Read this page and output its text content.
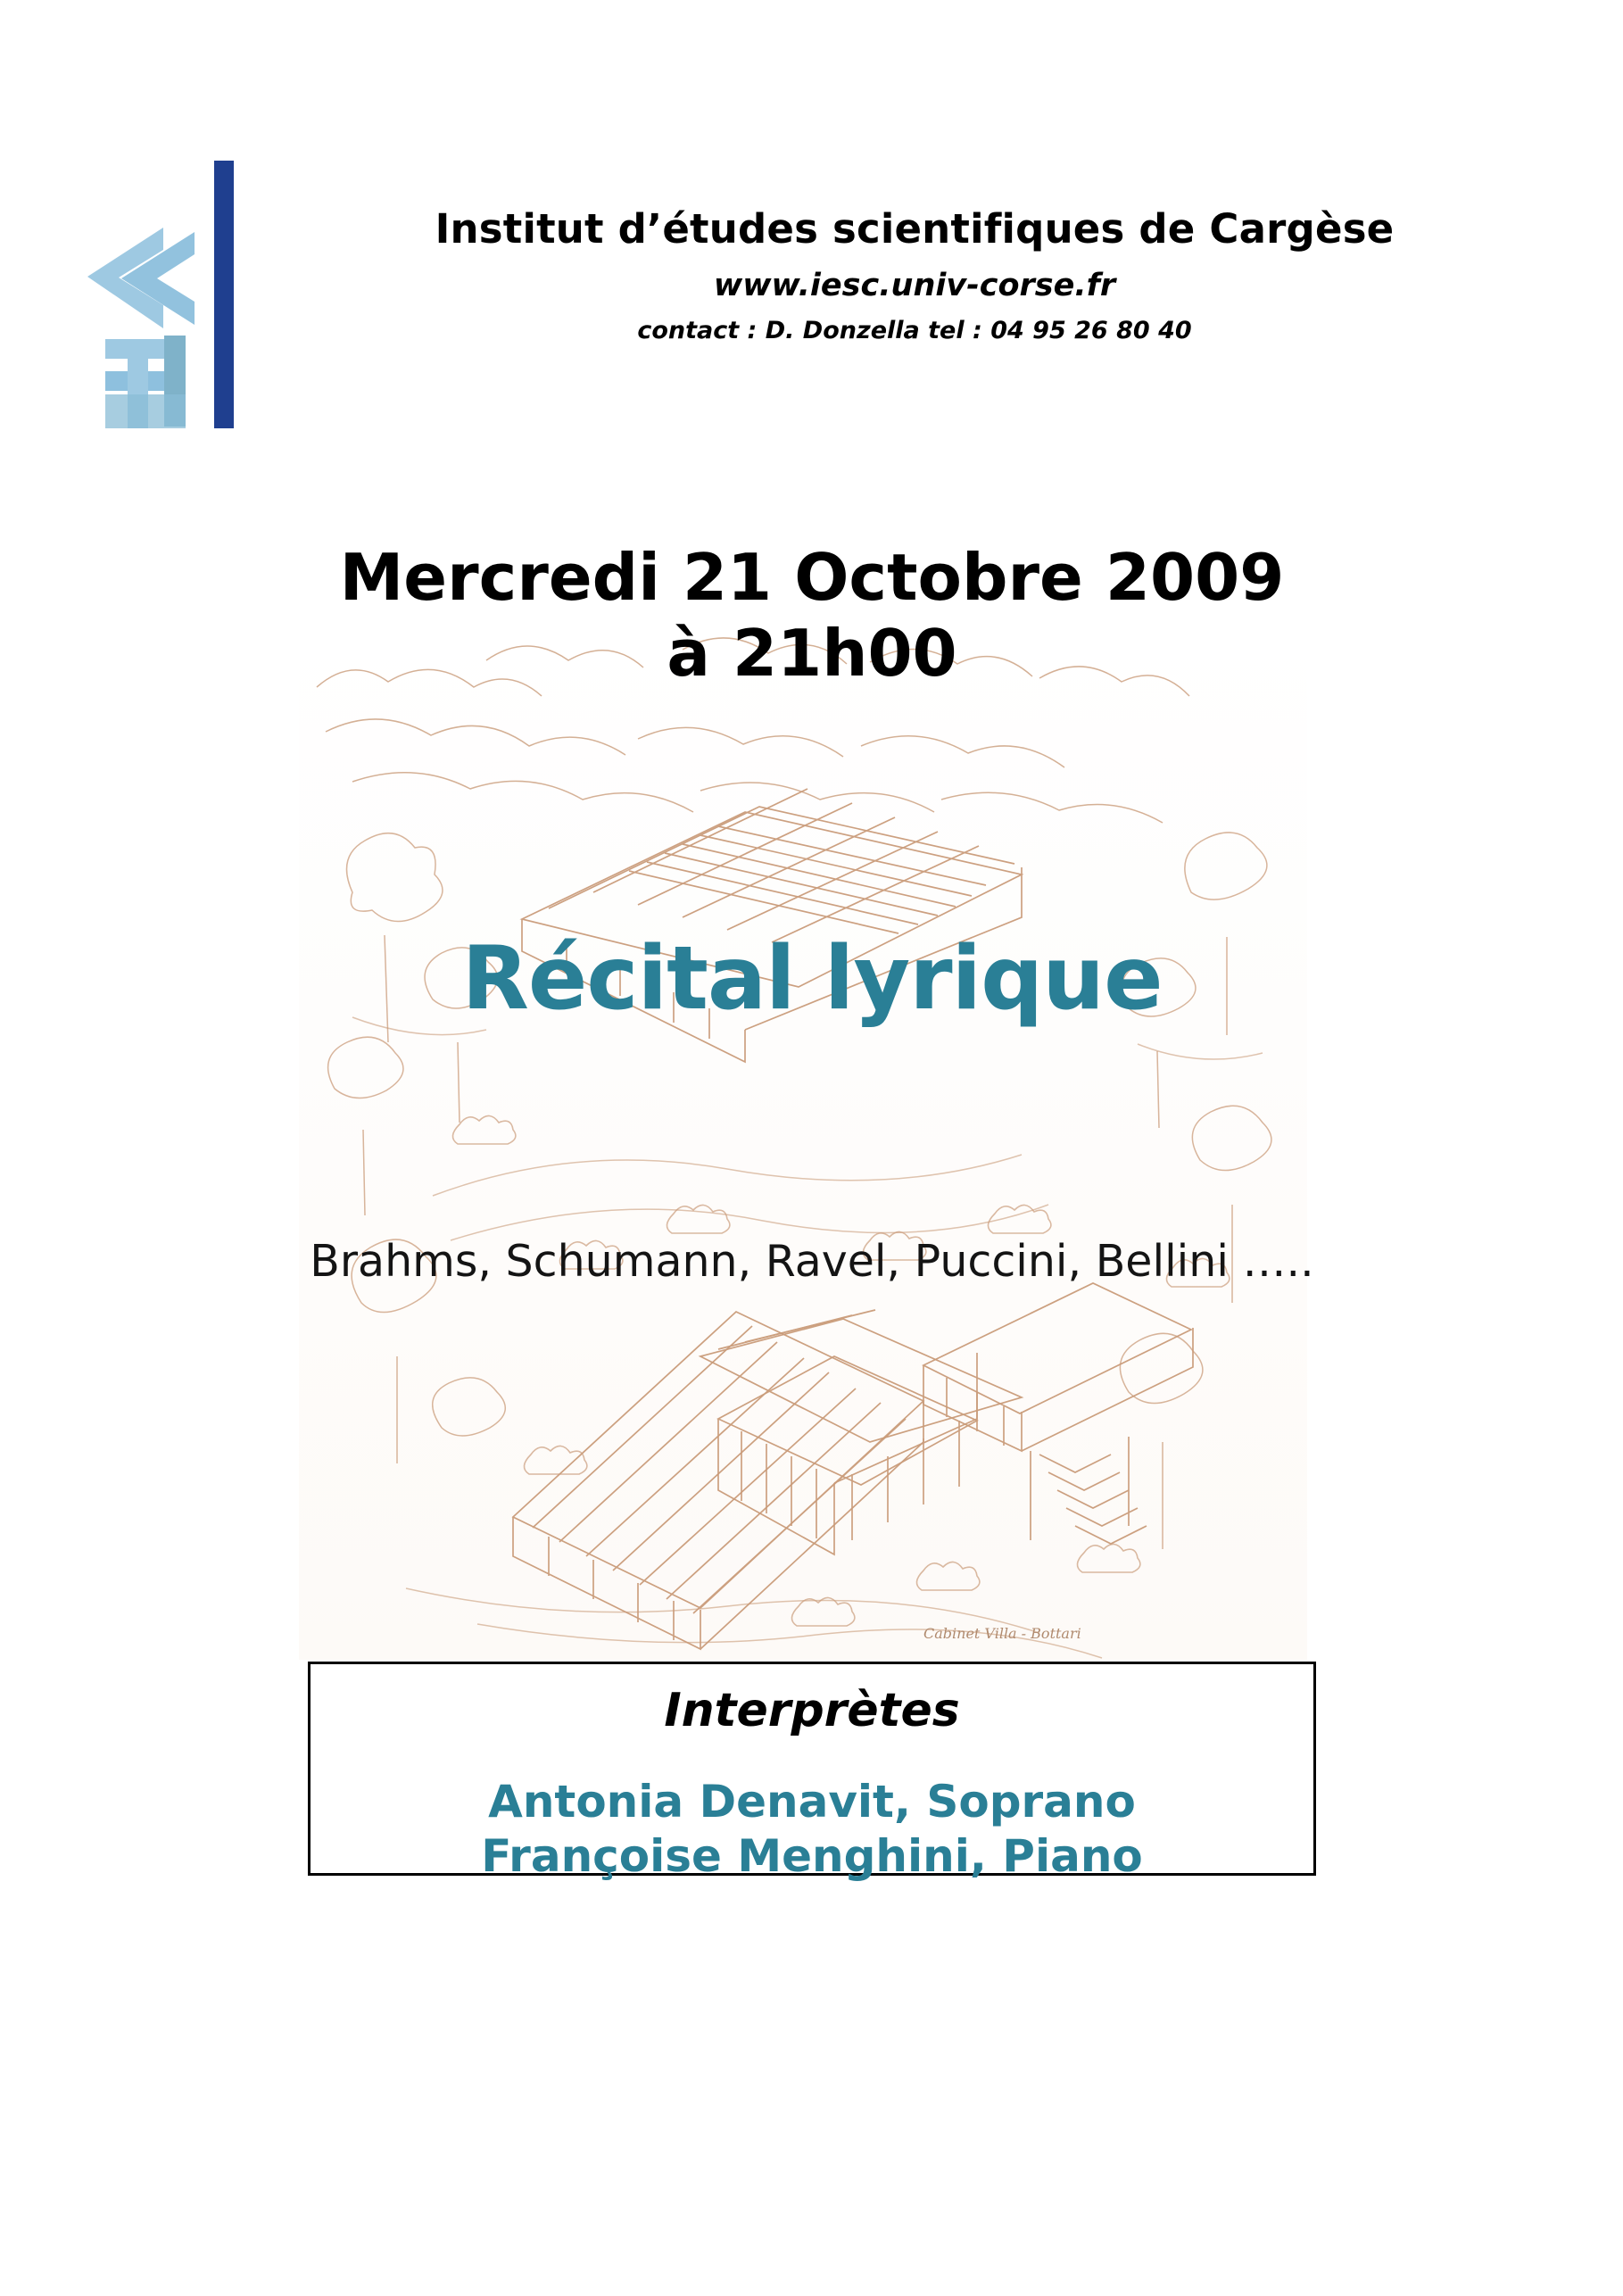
Institut d’études scientifiques de Cargèse
www.iesc.univ-corse.fr
contact : D. Donzella tel : 04 95 26 80 40
Mercredi 21 Octobre 2009
à 21h00
Cabinet Villa - Bottari
Récital lyrique
Brahms, Schumann, Ravel, Puccini, Bellini …..
Interprètes
Antonia Denavit, Soprano
Françoise Menghini, Piano
